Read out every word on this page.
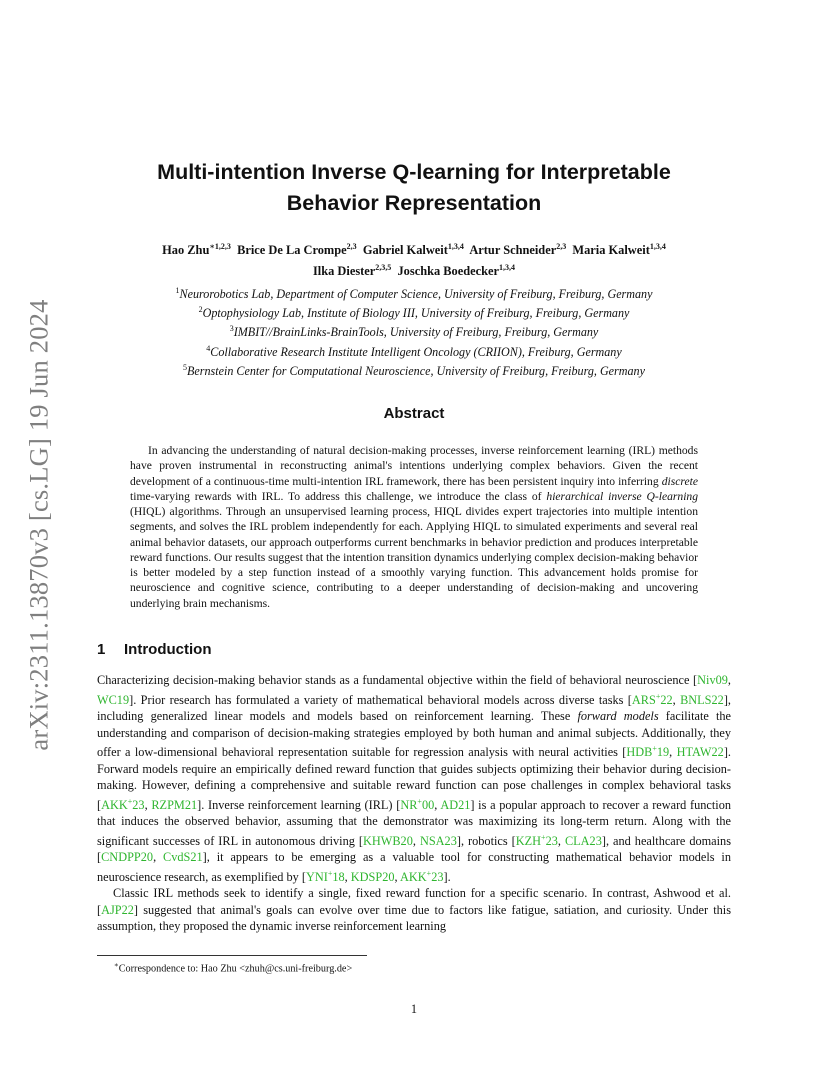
arXiv:2311.13870v3 [cs.LG] 19 Jun 2024
Multi-intention Inverse Q-learning for Interpretable
Behavior Representation
Hao Zhu$^{∗1,2,3}$ Brice De La Crompe$^{2,3}$ Gabriel Kalweit$^{1,3,4}$ Artur Schneider$^{2,3}$ Maria Kalweit$^{1,3,4}$
Ilka Diester$^{2,3,5}$ Joschka Boedecker$^{1,3,4}$
$^1$Neurorobotics Lab, Department of Computer Science, University of Freiburg, Freiburg, Germany
$^2$Optophysiology Lab, Institute of Biology III, University of Freiburg, Freiburg, Germany
$^3$IMBIT//BrainLinks-BrainTools, University of Freiburg, Freiburg, Germany
$^4$Collaborative Research Institute Intelligent Oncology (CRIION), Freiburg, Germany
$^5$Bernstein Center for Computational Neuroscience, University of Freiburg, Freiburg, Germany
Abstract
In advancing the understanding of natural decision-making processes, inverse reinforcement learning (IRL) methods have proven instrumental in reconstructing animal's intentions underlying complex behaviors. Given the recent development of a continuous-time multi-intention IRL framework, there has been persistent inquiry into inferring discrete time-varying rewards with IRL. To address this challenge, we introduce the class of hierarchical inverse Q-learning (HIQL) algorithms. Through an unsupervised learning process, HIQL divides expert trajectories into multiple intention segments, and solves the IRL problem independently for each. Applying HIQL to simulated experiments and several real animal behavior datasets, our approach outperforms current benchmarks in behavior prediction and produces interpretable reward functions. Our results suggest that the intention transition dynamics underlying complex decision-making behavior is better modeled by a step function instead of a smoothly varying function. This advancement holds promise for neuroscience and cognitive science, contributing to a deeper understanding of decision-making and uncovering underlying brain mechanisms.
1 Introduction

Characterizing decision-making behavior stands as a fundamental objective within the field of behavioral neuroscience [Niv09, WC19]. Prior research has formulated a variety of mathematical behavioral models across diverse tasks [ARS+22, BNLS22], including generalized linear models and models based on reinforcement learning. These forward models facilitate the understanding and comparison of decision-making strategies employed by both human and animal subjects. Additionally, they offer a low-dimensional behavioral representation suitable for regression analysis with neural activities [HDB+19, HTAW22]. Forward models require an empirically defined reward function that guides subjects optimizing their behavior during decision-making. However, defining a comprehensive and suitable reward function can pose challenges in complex behavioral tasks [AKK+23, RZPM21]. Inverse reinforcement learning (IRL) [NR+00, AD21] is a popular approach to recover a reward function that induces the observed behavior, assuming that the demonstrator was maximizing its long-term return. Along with the significant successes of IRL in autonomous driving [KHWB20, NSA23], robotics [KZH+23, CLA23], and healthcare domains [CNDPP20, CvdS21], it appears to be emerging as a valuable tool for constructing mathematical behavior models in neuroscience research, as exemplified by [YNI+18, KDSP20, AKK+23].

Classic IRL methods seek to identify a single, fixed reward function for a specific scenario. In contrast, Ashwood et al. [AJP22] suggested that animal's goals can evolve over time due to factors like fatigue, satiation, and curiosity. Under this assumption, they proposed the dynamic inverse reinforcement learning

∗Correspondence to: Hao Zhu <zhuh@cs.uni-freiburg.de>
1
